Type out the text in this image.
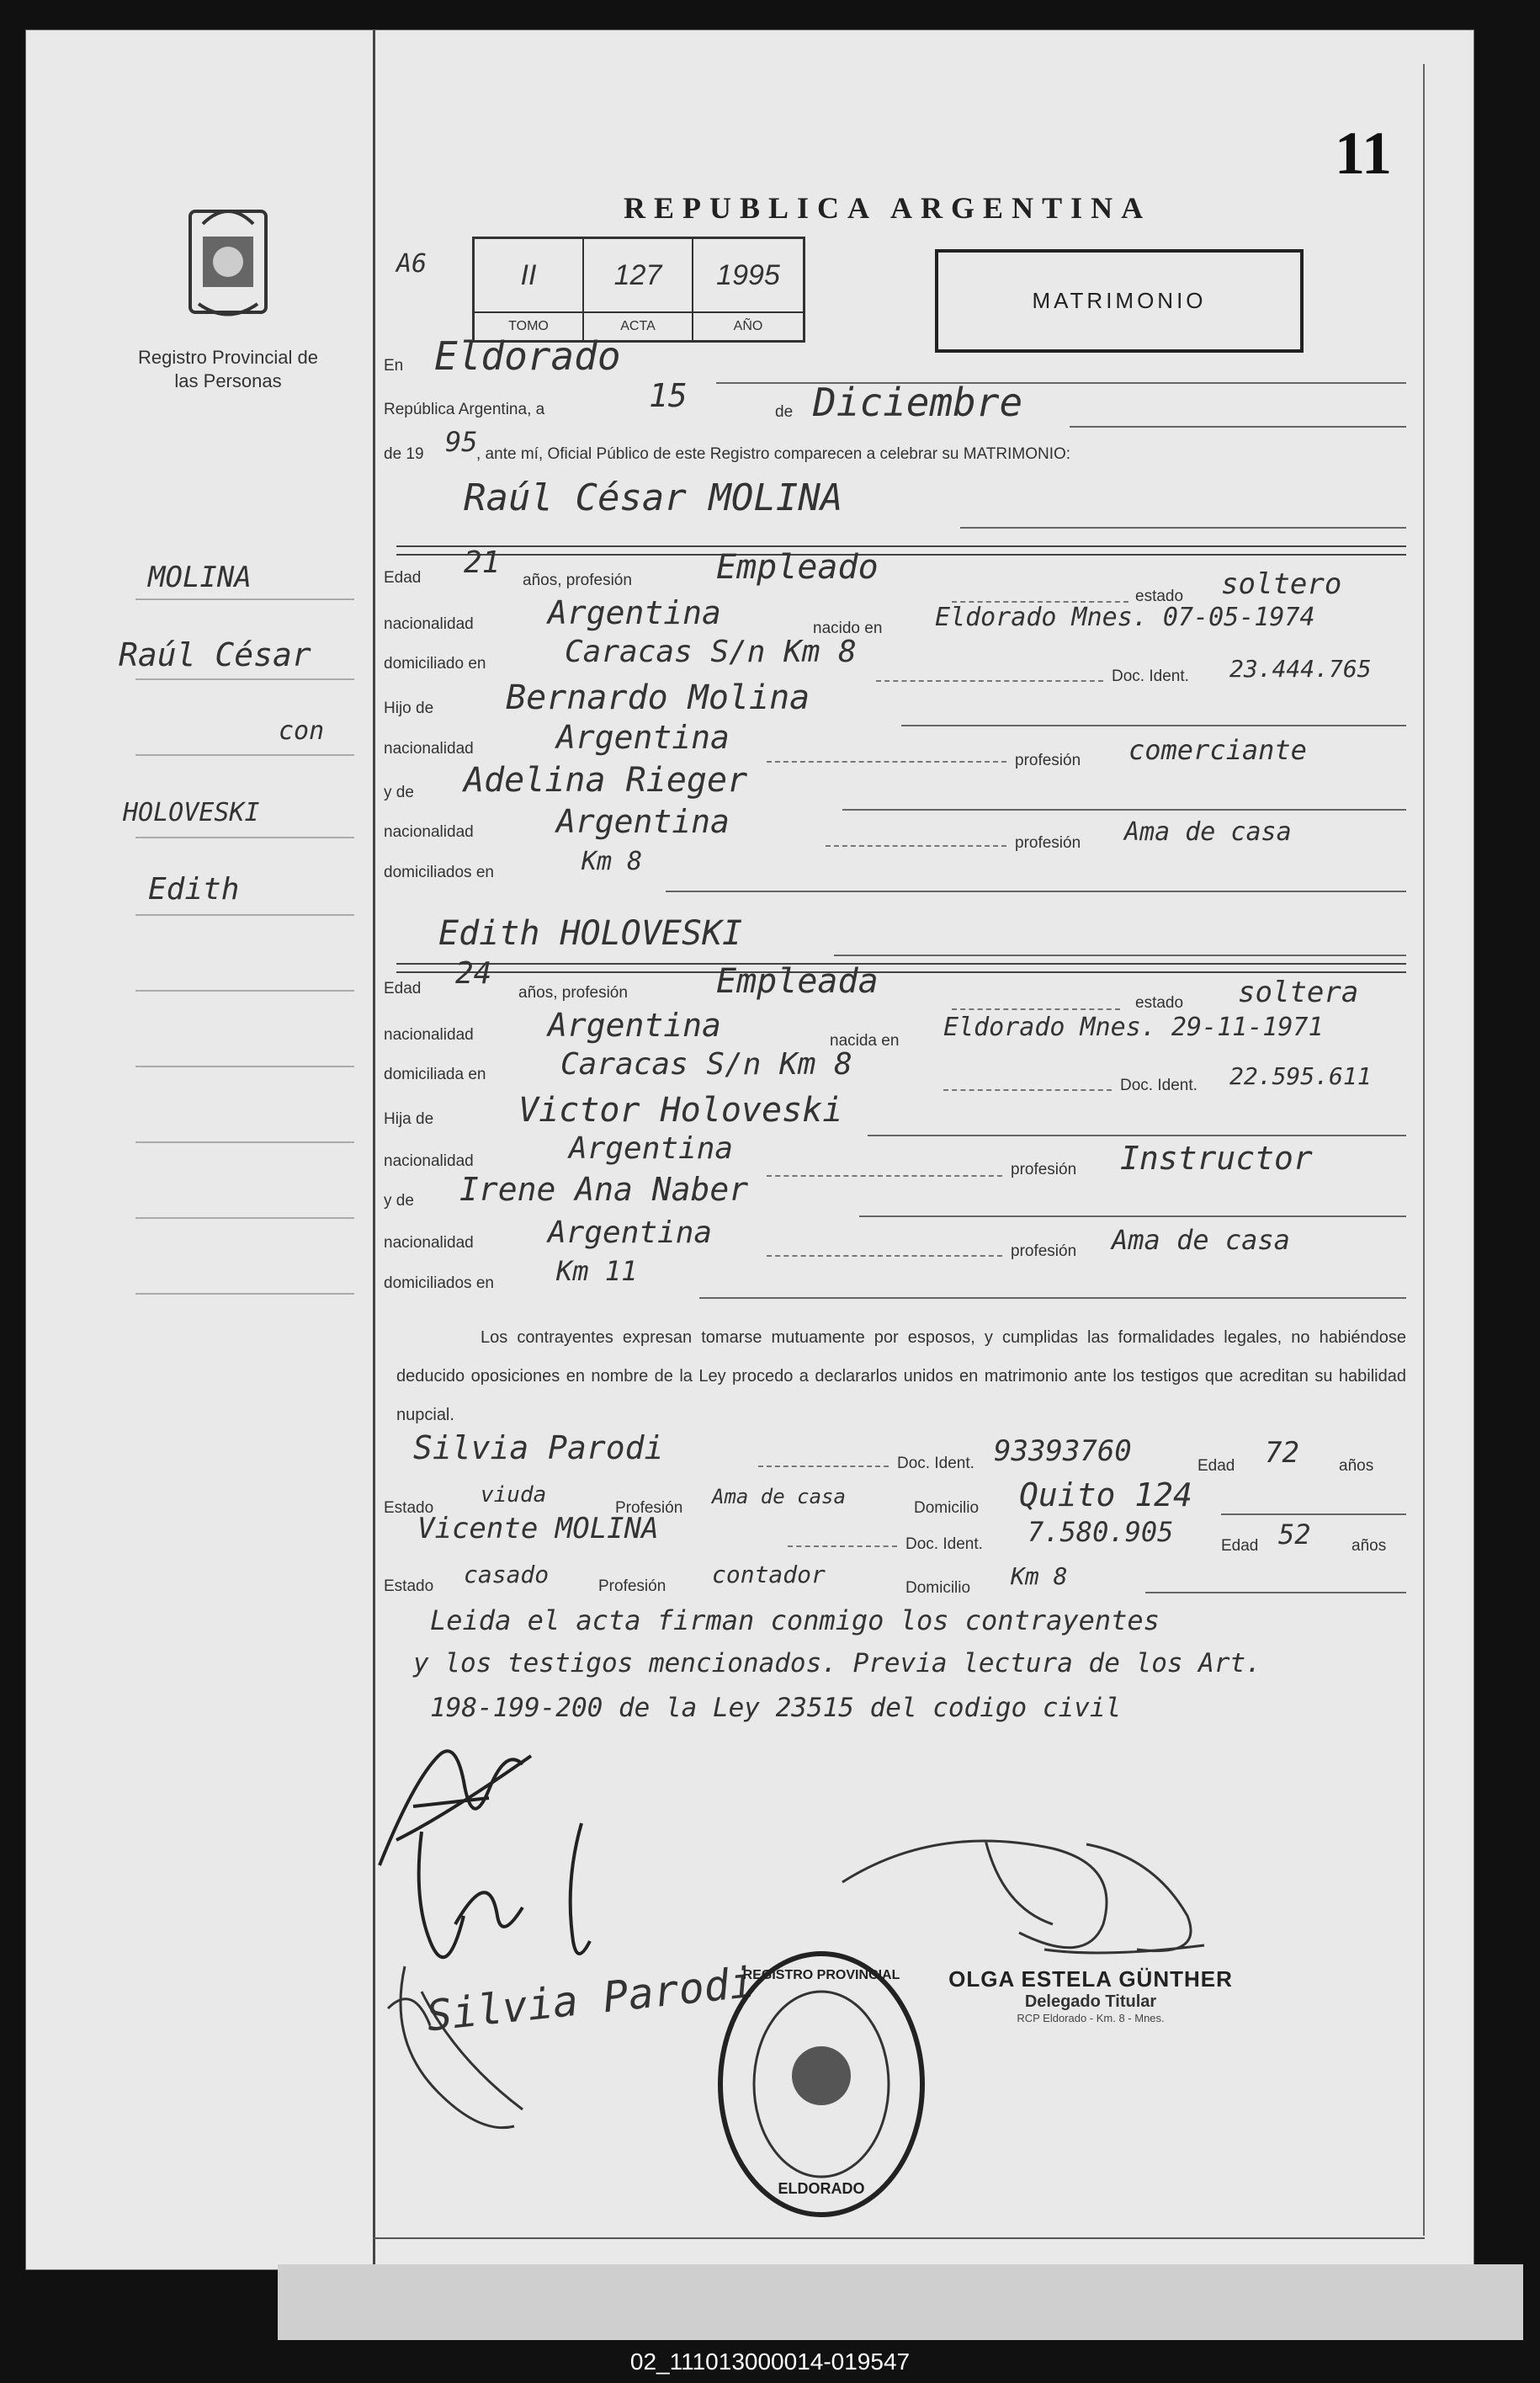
11
REPUBLICA ARGENTINA
Registro Provincial de las Personas
A6	II	127	1995
TOMO	ACTA	AÑO
MATRIMONIO
En Eldorado
República Argentina, a	15	de Diciembre
de 19 95
, ante mí, Oficial Público de este Registro comparecen a celebrar su MATRIMONIO:
Raúl César MOLINA
Edad 21
años, profesión	Empleado
estado soltero
nacionalidad Argentina	nacido en Eldorado Mnes. 07-05-1974
domiciliado en	Caracas S/n Km 8
Doc. Ident. 23.444.765
Hijo de Bernardo Molina
nacionalidad	Argentina
profesión comerciante
y de Adelina Rieger
nacionalidad	Argentina
profesión Ama de casa
domiciliados en	Km 8
Edith HOLOVESKI
Edad 24
años, profesión	Empleada
estado soltera
nacionalidad Argentina	nacida en Eldorado Mnes. 29-11-1971
domiciliada en Caracas S/n Km 8
Doc. Ident. 22.595.611
Hija de	Victor Holoveski
nacionalidad	Argentina
profesión Instructor
y de Irene Ana Naber
nacionalidad Argentina
profesión Ama de casa
domiciliados en Km 11
Los contrayentes expresan tomarse mutuamente por esposos, y cumplidas las formalidades legales, no habiéndose deducido oposiciones en nombre de la Ley procedo a declararlos unidos en matrimonio ante los testigos que acreditan su habilidad nupcial.
Silvia Parodi	Doc. Ident. 93393760	Edad 72 años
Estado
viuda
Profesión Ama de casa	Domicilio Quito 124
Vicente MOLINA	Doc. Ident. 7.580.905	Edad 52	años
Estado casado	Profesión contador	Domicilio Km 8
Leida el acta firman conmigo los contrayentes
y los testigos mencionados. Previa lectura de los Art.
198-199-200 de la Ley 23515 del codigo civil
MOLINA
Raúl César
con
HOLOVESKI
Edith
Silvia Parodi	OLGA ESTELA GÜNTHER
Delegado Titular
RCP Eldorado - Km. 8 - Mnes.
REGISTRO PROVINCIAL
ELDORADO
02_111013000014-019547
